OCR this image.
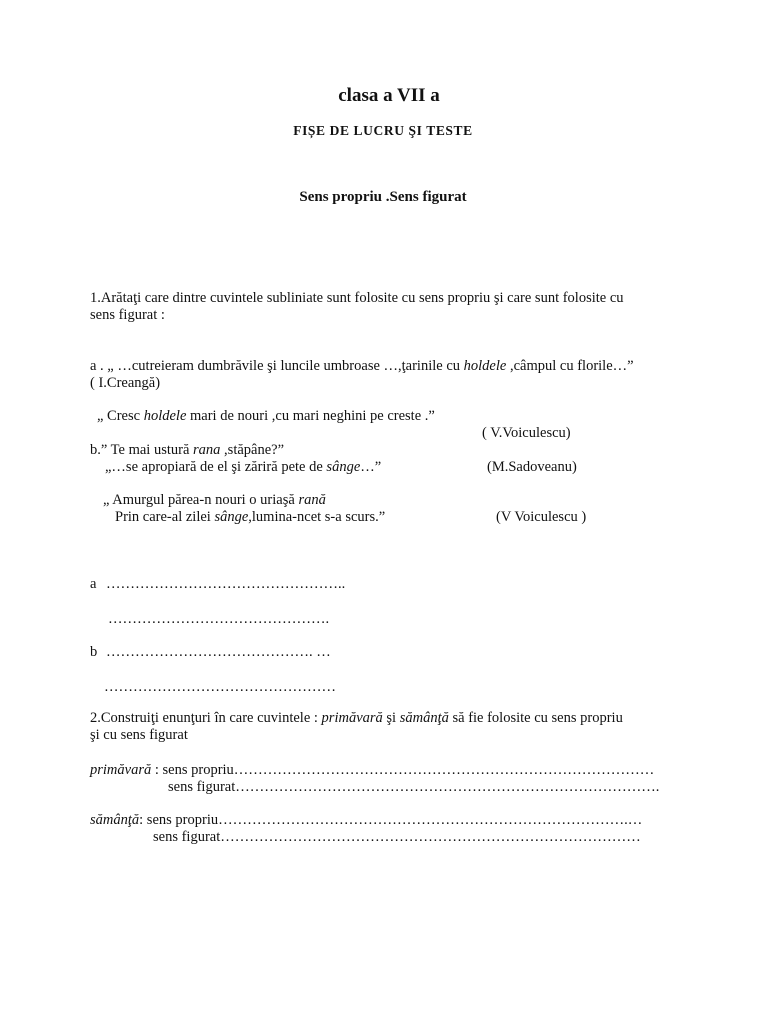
clasa a VII a
FIȘE DE LUCRU ŞI TESTE
Sens propriu .Sens figurat
1.Arătaţi care dintre cuvintele subliniate sunt folosite cu sens propriu şi care sunt folosite cu
sens figurat :
a . „ …cutreieram dumbrăvile şi luncile umbroase …,ţarinile cu holdele ,câmpul cu florile…”
( I.Creangă)
„ Cresc holdele mari de nouri ,cu mari neghini pe creste .”
( V.Voiculescu)
b.” Te mai ustură rana ,stăpâne?”
„…se apropiară de el şi zăriră pete de sânge…”	(M.Sadoveanu)
„ Amurgul părea-n nouri o uriaşă rană
Prin care-al zilei sânge,lumina-ncet s-a scurs.”	(V Voiculescu )
a …………………………………………..
……………………………………….
b ……………………………………. …
…………………………………………
2.Construiţi enunţuri în care cuvintele : primăvară şi sămânţă să fie folosite cu sens propriu
şi cu sens figurat
primăvară : sens propriu……………………………………………………………………………
sens figurat…………………………………………………………………………….
sămânţă: sens propriu………………………………………………………………………….…
sens figurat……………………………………………………………………………
